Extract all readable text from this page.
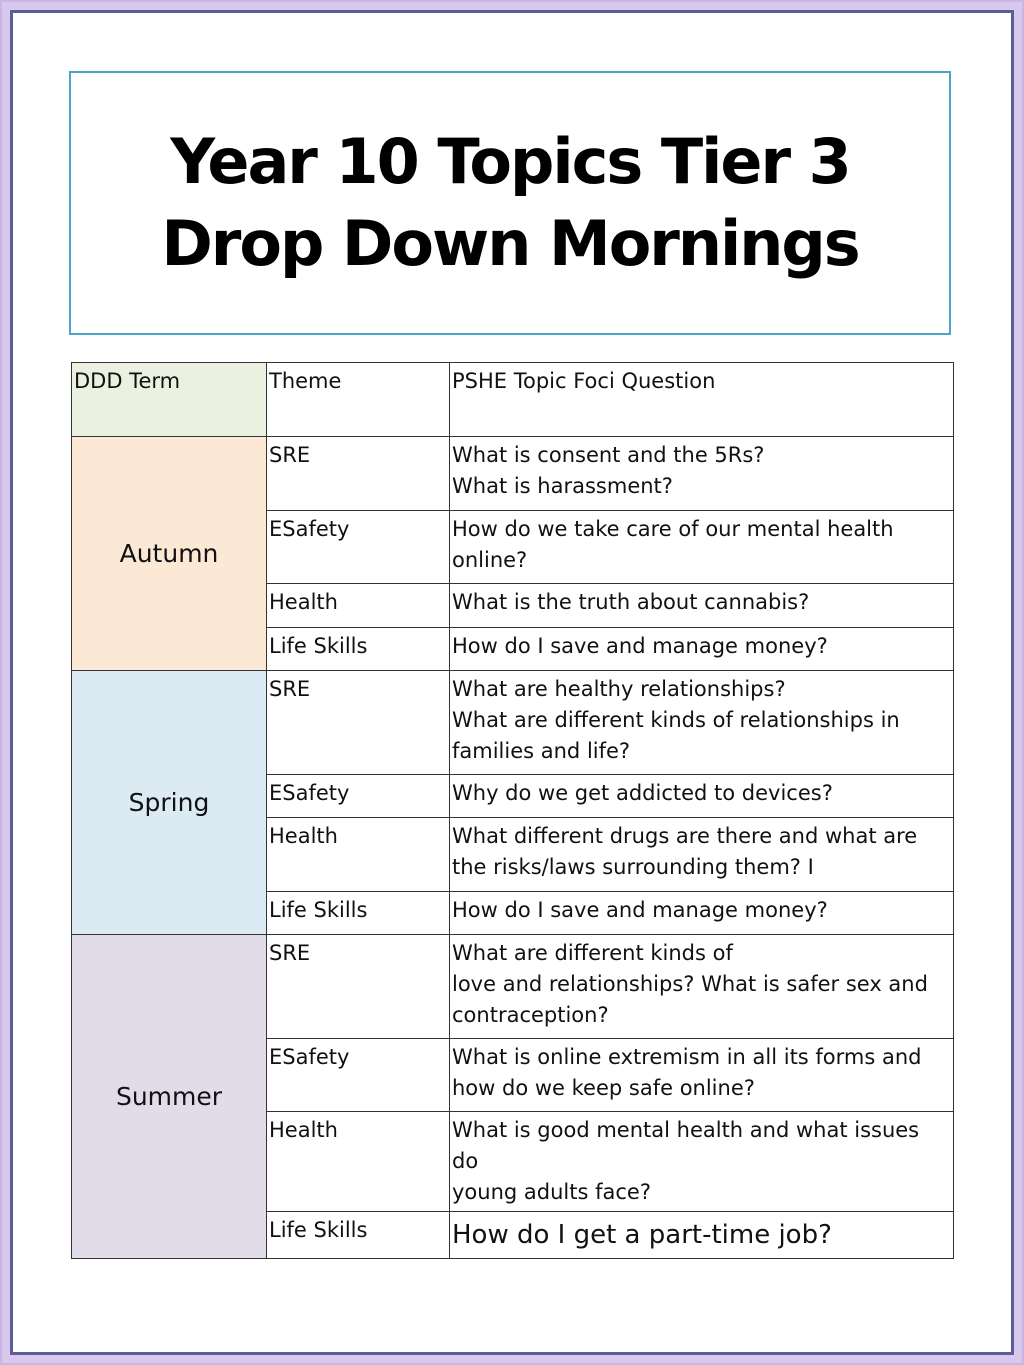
Year 10 Topics Tier 3
Drop Down Mornings
DDD Term	Theme	PSHE Topic Foci Question
Autumn	SRE	What is consent and the 5Rs?
What is harassment?

	ESafety	How do we take care of our mental health
online?

	Health	What is the truth about cannabis?

	Life Skills	How do I save and manage money?

Spring	SRE	What are healthy relationships?
What are different kinds of relationships in
families and life?

	ESafety	Why do we get addicted to devices?

	Health	What different drugs are there and what are
the risks/laws surrounding them? I

	Life Skills	How do I save and manage money?

Summer	SRE	What are different kinds of
love and relationships? What is safer sex and
contraception?

	ESafety	What is online extremism in all its forms and
how do we keep safe online?

	Health	What is good mental health and what issues do
young adults face?

	Life Skills	How do I get a part-time job?
